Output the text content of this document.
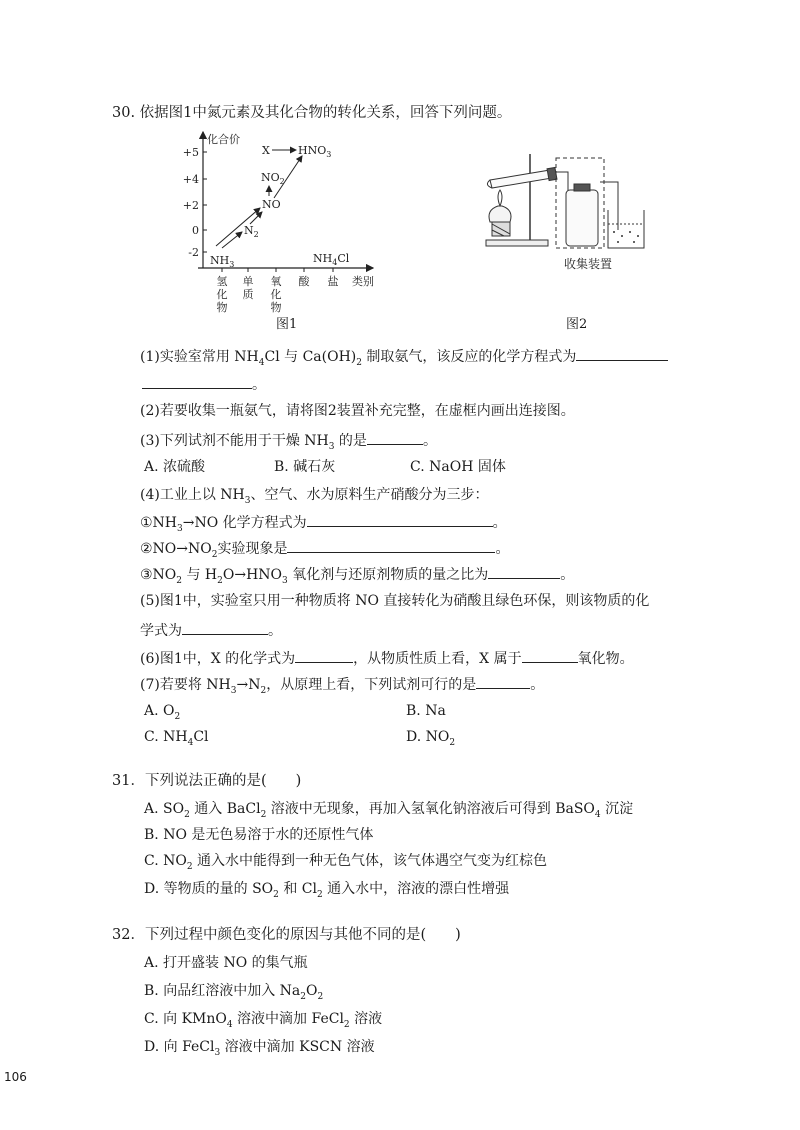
30. 依据图1中氮元素及其化合物的转化关系，回答下列问题。
化合价
+5
+4
+2
0
-2
氢化物
单质
氧化物
酸 盐 类别
X	$HNO_3$
$NO_2$
NO
$N_2$
$NH_3$	$NH_4Cl$
图1
收集装置
图2
(1)实验室常用 $NH_4Cl$ 与 $Ca(OH)_2$ 制取氨气，该反应的化学方程式为
。
(2)若要收集一瓶氨气，请将图2装置补充完整，在虚框内画出连接图。
(3)下列试剂不能用于干燥 $NH_3$ 的是	。
A. 浓硫酸	B. 碱石灰	C. NaOH 固体
(4)工业上以 $NH_3$、空气、水为原料生产硝酸分为三步：
$①NH_3\to NO$ 化学方程式为	。
$②NO\to NO_2$实验现象是	。
$③NO_2$ 与 $H_2O\to HNO_3$ 氧化剂与还原剂物质的量之比为	。
(5)图1中，实验室只用一种物质将 NO 直接转化为硝酸且绿色环保，则该物质的化
学式为	。
(6)图1中，X 的化学式为	，从物质性质上看，X 属于	氧化物。
(7)若要将 $NH_3\to N_2$，从原理上看，下列试剂可行的是	。
A. $O_2$	B. Na
C. $NH_4Cl$	D. $NO_2$
31．下列说法正确的是(　　)
A. $SO_2$ 通入 BaCl$_2$ 溶液中无现象，再加入氢氧化钠溶液后可得到 BaSO$_4$ 沉淀
B. NO 是无色易溶于水的还原性气体
C. $NO_2$ 通入水中能得到一种无色气体，该气体遇空气变为红棕色
D. 等物质的量的 $SO_2$ 和 $Cl_2$ 通入水中，溶液的漂白性增强
32．下列过程中颜色变化的原因与其他不同的是(　　)
A. 打开盛装 NO 的集气瓶
B. 向品红溶液中加入 $Na_2O_2$
C. 向 KMnO$_4$ 溶液中滴加 FeCl$_2$ 溶液
D. 向 FeCl$_3$ 溶液中滴加 KSCN 溶液
106
